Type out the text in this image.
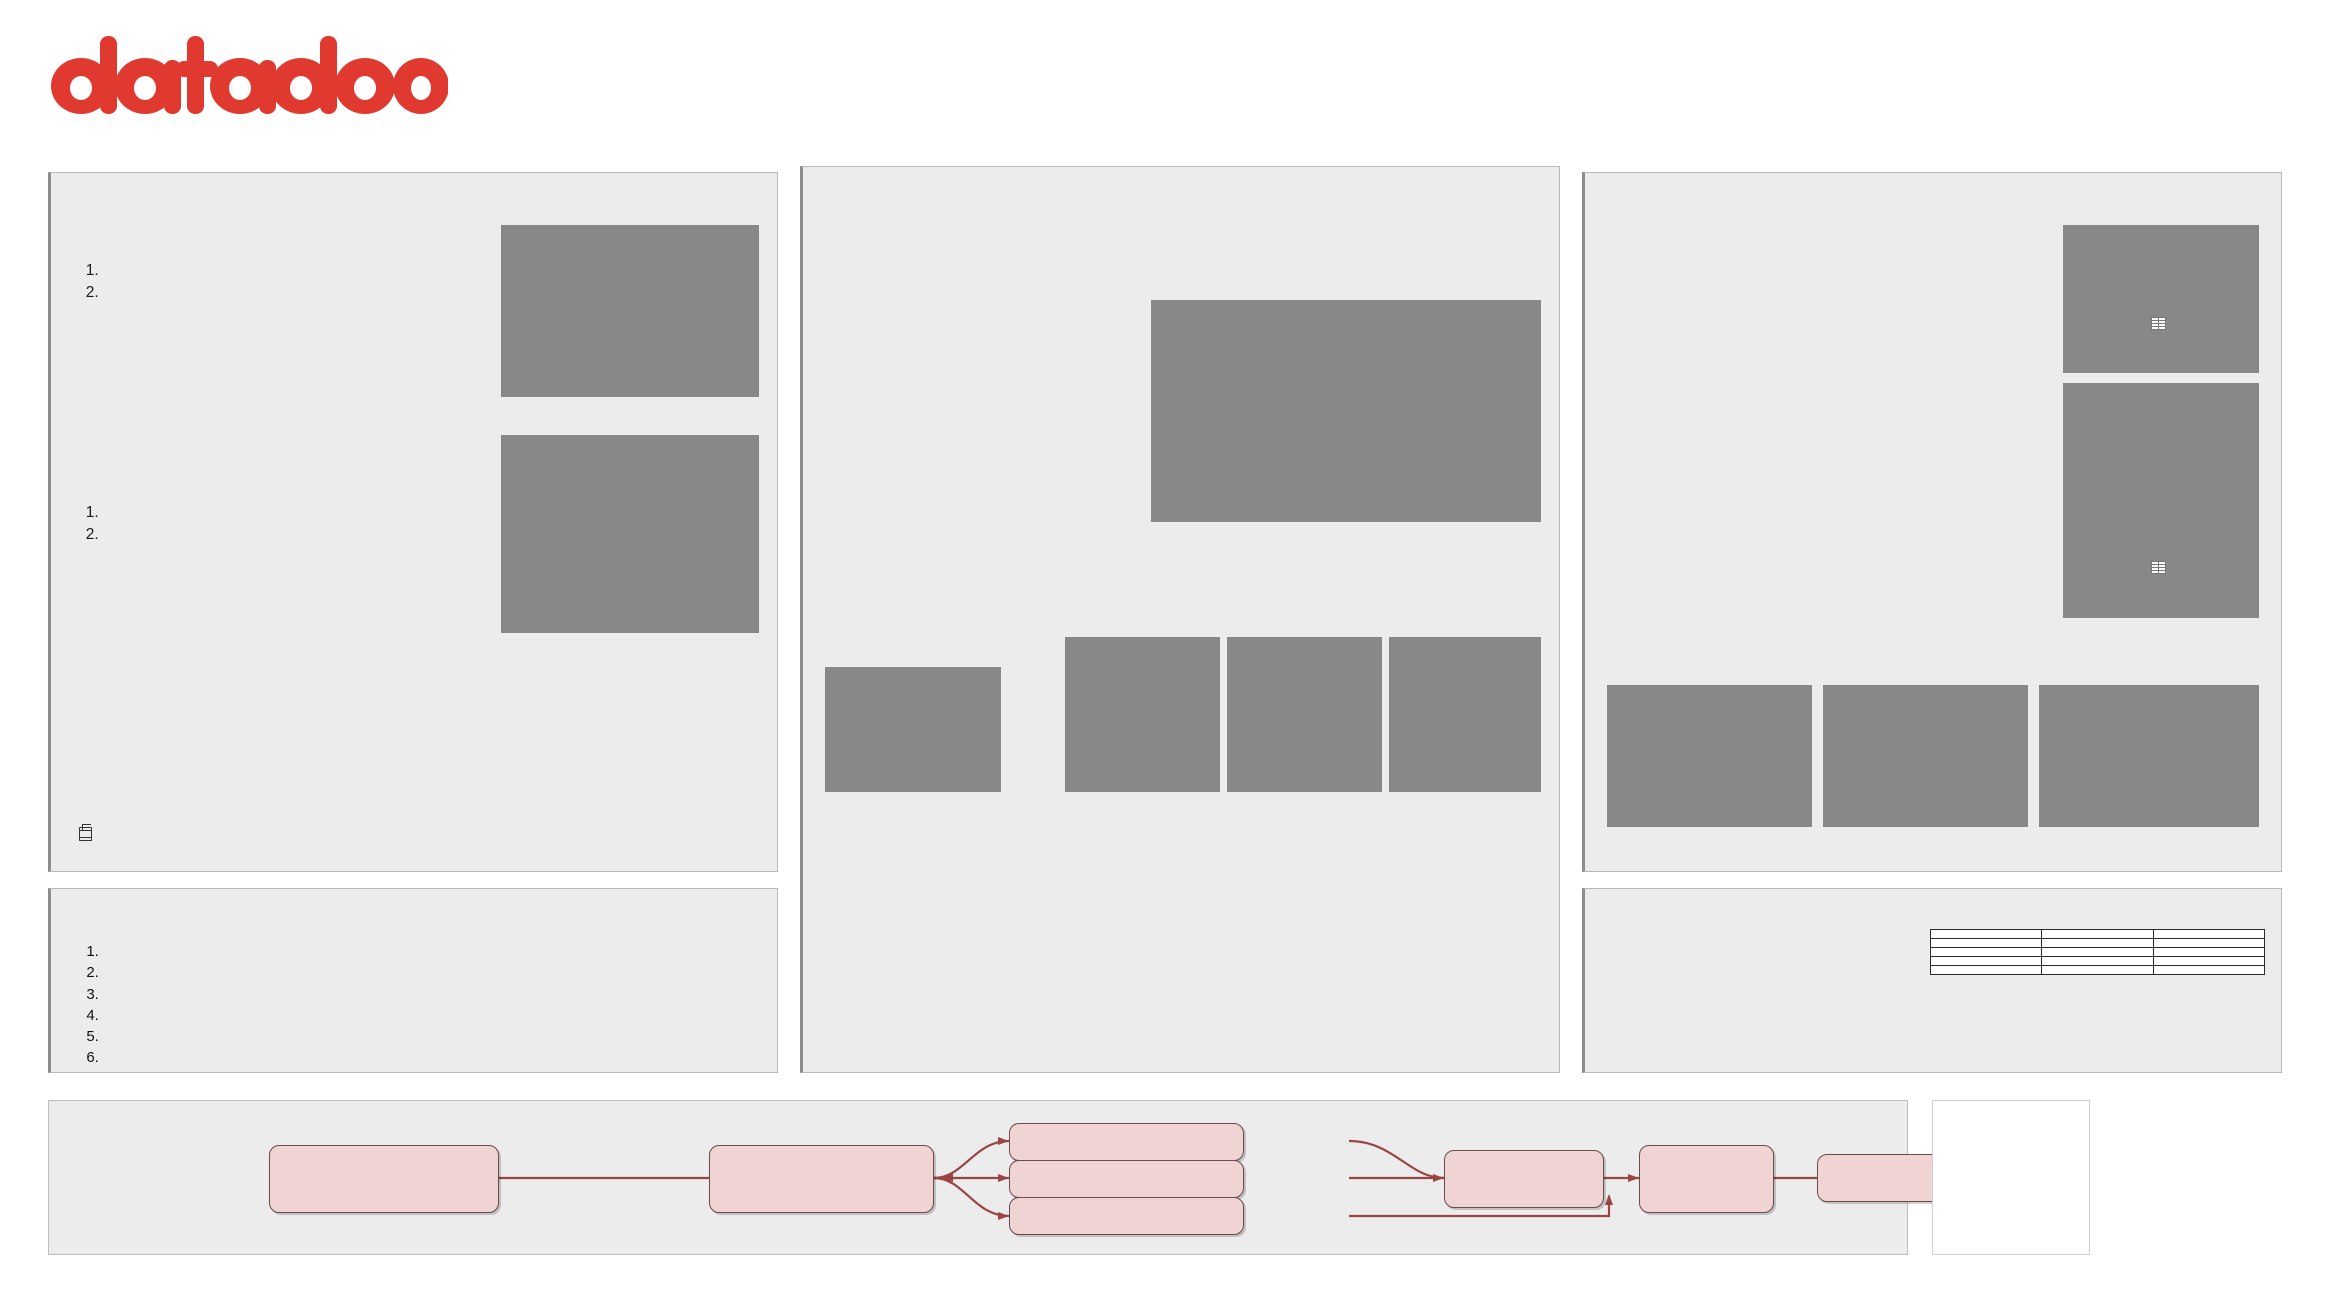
1.
2.
1.
2.
1.
2.
3.
4.
5.
6.
